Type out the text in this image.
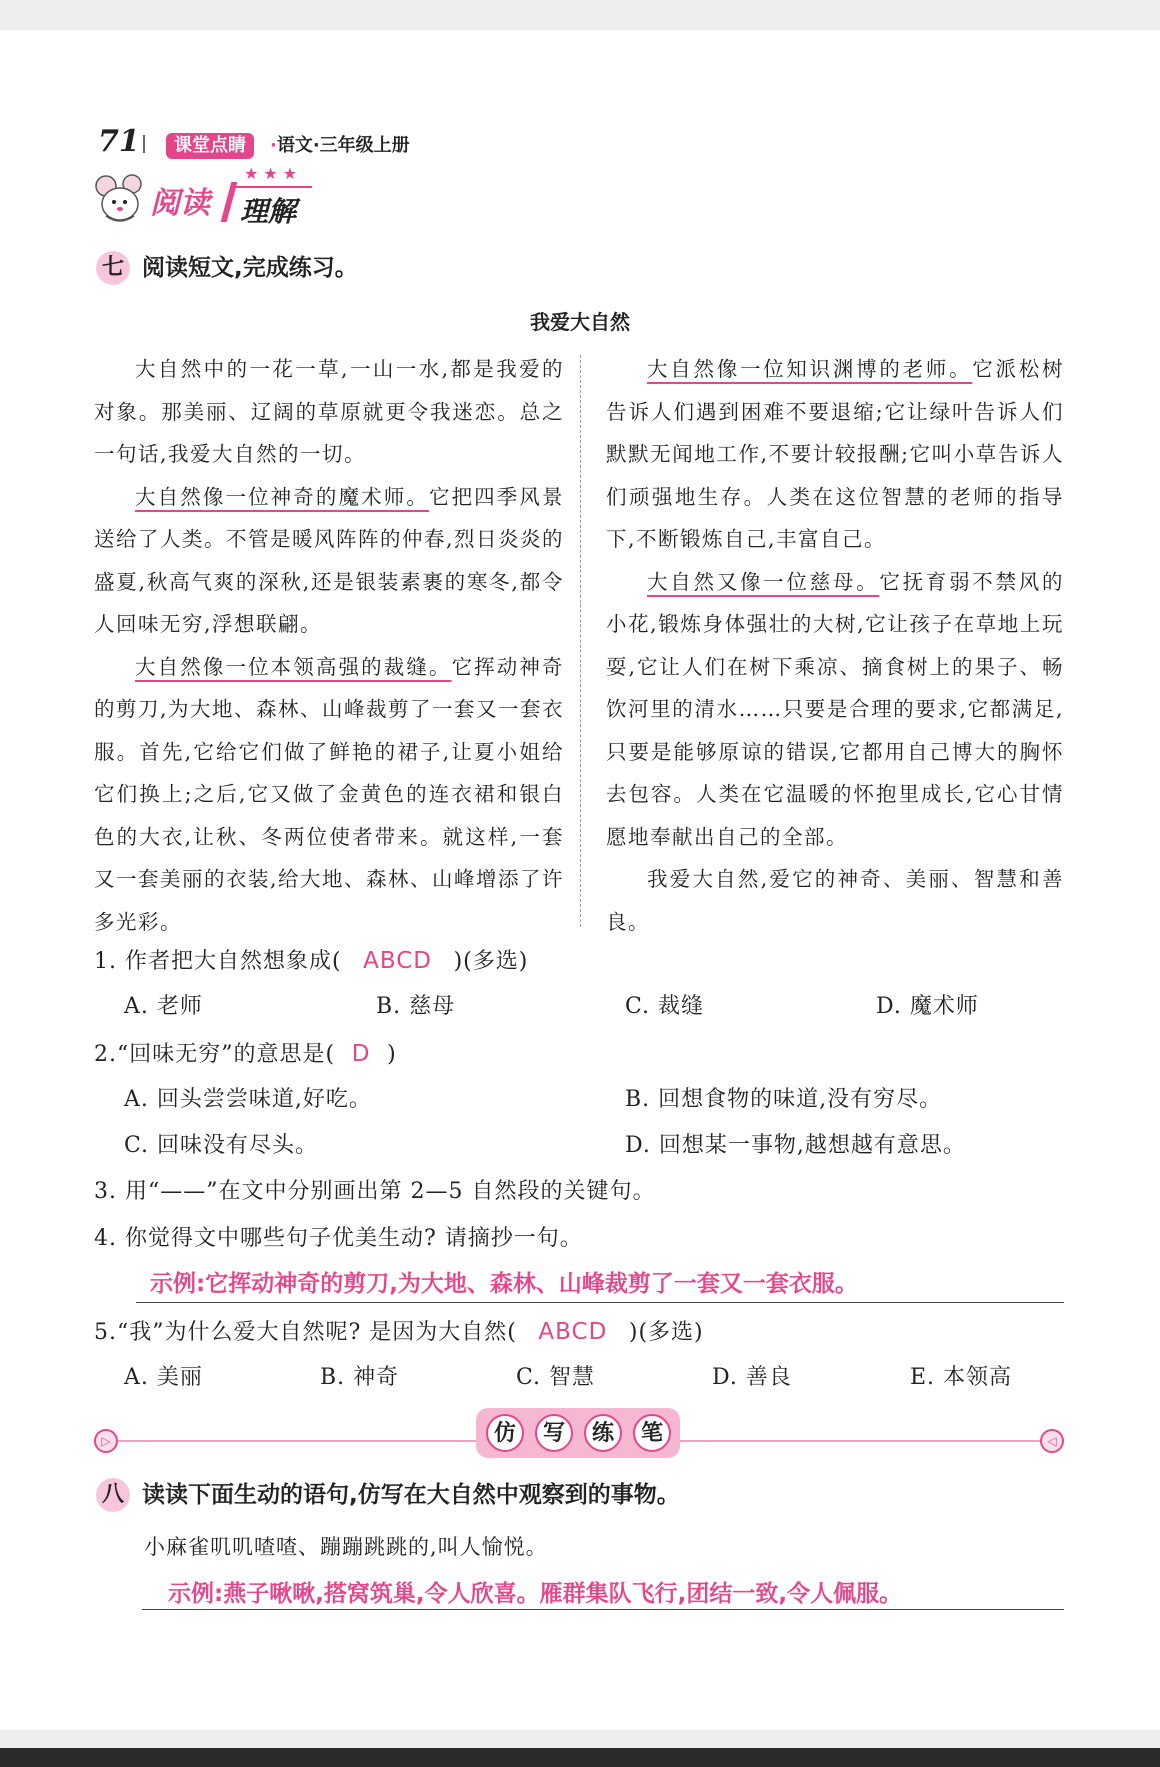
71	课堂点睛	·语文·三年级上册
阅读
★★★
理解
七 阅读短文,完成练习。
我爱大自然

大自然中的一花一草,一山一水,都是我爱的对象。那美丽、辽阔的草原就更令我迷恋。总之一句话,我爱大自然的一切。

大自然像一位神奇的魔术师。它把四季风景送给了人类。不管是暖风阵阵的仲春,烈日炎炎的盛夏,秋高气爽的深秋,还是银装素裹的寒冬,都令人回味无穷,浮想联翩。

大自然像一位本领高强的裁缝。它挥动神奇的剪刀,为大地、森林、山峰裁剪了一套又一套衣服。首先,它给它们做了鲜艳的裙子,让夏小姐给它们换上;之后,它又做了金黄色的连衣裙和银白色的大衣,让秋、冬两位使者带来。就这样,一套又一套美丽的衣装,给大地、森林、山峰增添了许多光彩。

大自然像一位知识渊博的老师。它派松树告诉人们遇到困难不要退缩;它让绿叶告诉人们默默无闻地工作,不要计较报酬;它叫小草告诉人们顽强地生存。人类在这位智慧的老师的指导下,不断锻炼自己,丰富自己。

大自然又像一位慈母。它抚育弱不禁风的小花,锻炼身体强壮的大树,它让孩子在草地上玩耍,它让人们在树下乘凉、摘食树上的果子、畅饮河里的清水……只要是合理的要求,它都满足,只要是能够原谅的错误,它都用自己博大的胸怀去包容。人类在它温暖的怀抱里成长,它心甘情愿地奉献出自己的全部。

我爱大自然,爱它的神奇、美丽、智慧和善良。

1. 作者把大自然想象成( ABCD )(多选)
A. 老师	B. 慈母	C. 裁缝	D. 魔术师
2.“回味无穷”的意思是( D )
A. 回头尝尝味道,好吃。	B. 回想食物的味道,没有穷尽。
C. 回味没有尽头。	D. 回想某一事物,越想越有意思。
3. 用“——”在文中分别画出第 2—5 自然段的关键句。
4. 你觉得文中哪些句子优美生动? 请摘抄一句。
示例:它挥动神奇的剪刀,为大地、森林、山峰裁剪了一套又一套衣服。
5.“我”为什么爱大自然呢? 是因为大自然( ABCD )(多选)
A. 美丽	B. 神奇	C. 智慧	D. 善良	E. 本领高
▷	◁
仿	写	练	笔
八 读读下面生动的语句,仿写在大自然中观察到的事物。
小麻雀叽叽喳喳、蹦蹦跳跳的,叫人愉悦。
示例:燕子啾啾,搭窝筑巢,令人欣喜。雁群集队飞行,团结一致,令人佩服。
